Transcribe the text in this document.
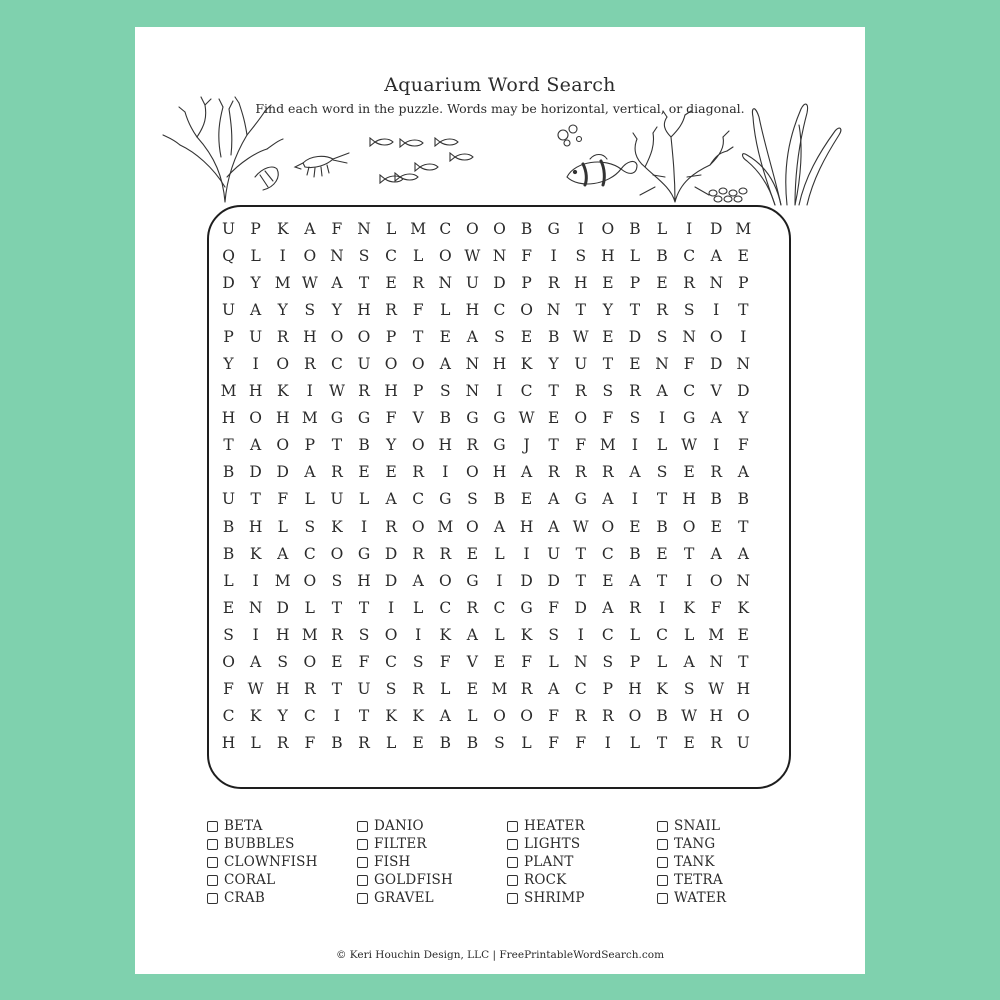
Aquarium Word Search
Find each word in the puzzle. Words may be horizontal, vertical, or diagonal.
U P	K	A	F N L M C O O B G	I	O B	L	I	D M
Q	L	I	O N S	C	L	O W N F	I	S H L	B C	A	E
D	Y M W A	T	E	R N U D	P	R H E	P	E	R N P
U A	Y	S	Y H R	F	L H C O N T	Y	T	R	S	I	T
P U R H O O	P	T	E	A	S	E	B W E D	S N O	I
Y	I	O R C U O O A N H K	Y U T	E N F	D N
M H K	I	W R H P	S N	I	C	T	R	S	R	A	C	V D
H O H M G G	F	V	B G G W E O F	S	I	G A	Y
T	A O	P	T	B	Y	O H R G	J	T	F M	I	L W	I	F
B D D A	R	E	E	R	I	O H A	R R R	A	S	E	R	A
U T	F	L U L	A	C G	S	B	E	A G A	I	T H B	B
B H L	S	K	I	R O M O A H A W O E	B O E	T
B	K	A	C O G D R R	E	L	I	U T	C B	E	T	A	A
L	I	M O S H D A O G	I	D D	T	E	A	T	I	O N
E N D	L	T	T	I	L	C R C G	F	D A	R	I	K	F	K
S	I	H M R	S O	I	K	A	L	K	S	I	C	L	C	L M E
O A	S O E	F	C	S	F	V	E	F	L N S	P	L	A N T
F W H R	T U S	R	L	E M R	A	C	P H K	S W H
C K	Y	C	I	T	K	K	A	L	O O F	R R O B W H O
H L	R	F	B	R	L	E	B	B	S	L	F	F	I	L	T	E	R U
BETA
BUBBLES
CLOWNFISH
CORAL
CRAB
DANIO
FILTER
FISH
GOLDFISH
GRAVEL
HEATER
LIGHTS
PLANT
ROCK
SHRIMP
SNAIL
TANG
TANK
TETRA
WATER
© Keri Houchin Design, LLC | FreePrintableWordSearch.com
